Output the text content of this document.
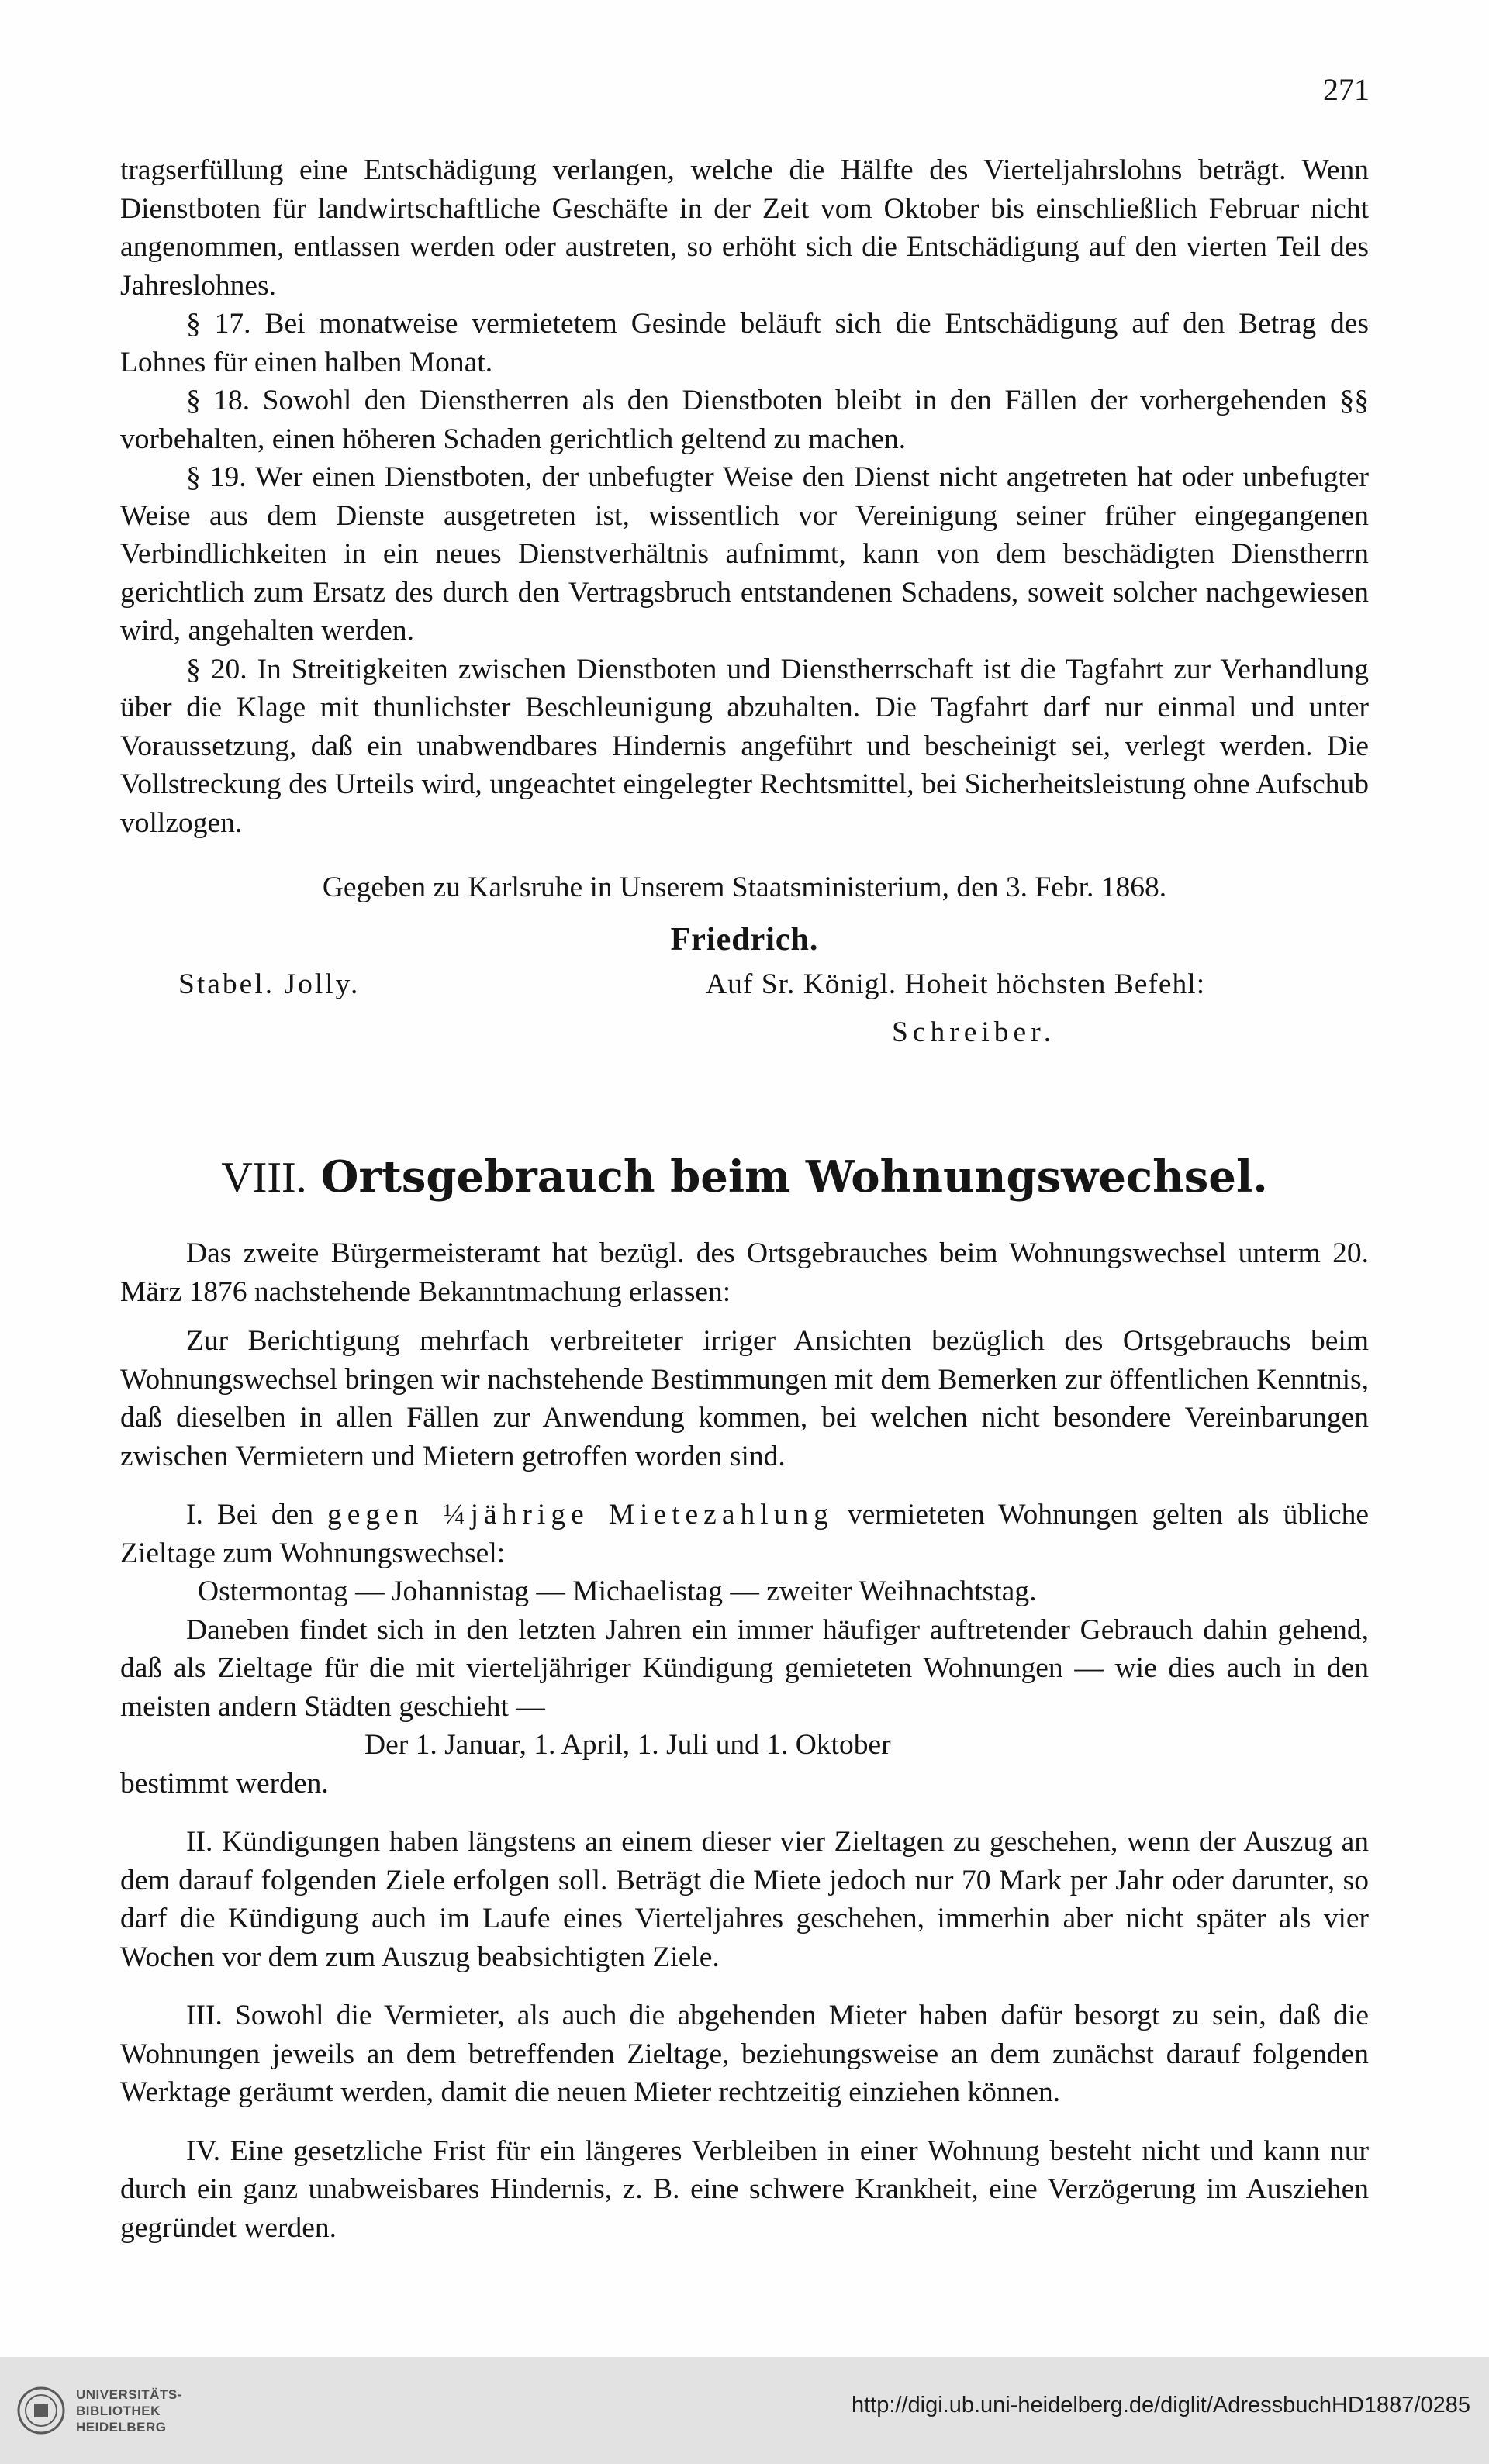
271

tragserfüllung eine Entschädigung verlangen, welche die Hälfte des Vierteljahrslohns beträgt. Wenn Dienstboten für landwirtschaftliche Geschäfte in der Zeit vom Oktober bis einschließlich Februar nicht angenommen, entlassen werden oder austreten, so erhöht sich die Entschädigung auf den vierten Teil des Jahreslohnes.

§ 17. Bei monatweise vermietetem Gesinde beläuft sich die Entschädigung auf den Betrag des Lohnes für einen halben Monat.

§ 18. Sowohl den Dienstherren als den Dienstboten bleibt in den Fällen der vorhergehenden §§ vorbehalten, einen höheren Schaden gerichtlich geltend zu machen.

§ 19. Wer einen Dienstboten, der unbefugter Weise den Dienst nicht angetreten hat oder unbefugter Weise aus dem Dienste ausgetreten ist, wissentlich vor Vereinigung seiner früher eingegangenen Verbindlichkeiten in ein neues Dienstverhältnis aufnimmt, kann von dem beschädigten Dienstherrn gerichtlich zum Ersatz des durch den Vertragsbruch entstandenen Schadens, soweit solcher nachgewiesen wird, angehalten werden.

§ 20. In Streitigkeiten zwischen Dienstboten und Dienstherrschaft ist die Tagfahrt zur Verhandlung über die Klage mit thunlichster Beschleunigung abzuhalten. Die Tagfahrt darf nur einmal und unter Voraussetzung, daß ein unabwendbares Hindernis angeführt und bescheinigt sei, verlegt werden. Die Vollstreckung des Urteils wird, ungeachtet eingelegter Rechtsmittel, bei Sicherheitsleistung ohne Aufschub vollzogen.

Gegeben zu Karlsruhe in Unserem Staatsministerium, den 3. Febr. 1868.

Friedrich.

Stabel. Jolly.	Auf Sr. Königl. Hoheit höchsten Befehl:
Schreiber.

VIII. Ortsgebrauch beim Wohnungswechsel.

Das zweite Bürgermeisteramt hat bezügl. des Ortsgebrauches beim Wohnungswechsel unterm 20. März 1876 nachstehende Bekanntmachung erlassen:

Zur Berichtigung mehrfach verbreiteter irriger Ansichten bezüglich des Ortsgebrauchs beim Wohnungswechsel bringen wir nachstehende Bestimmungen mit dem Bemerken zur öffentlichen Kenntnis, daß dieselben in allen Fällen zur Anwendung kommen, bei welchen nicht besondere Vereinbarungen zwischen Vermietern und Mietern getroffen worden sind.

I. Bei den gegen ¼jährige Mietezahlung vermieteten Wohnungen gelten als übliche Zieltage zum Wohnungswechsel:

Ostermontag — Johannistag — Michaelistag — zweiter Weihnachtstag.

Daneben findet sich in den letzten Jahren ein immer häufiger auftretender Gebrauch dahin gehend, daß als Zieltage für die mit vierteljähriger Kündigung gemieteten Wohnungen — wie dies auch in den meisten andern Städten geschieht —

Der 1. Januar, 1. April, 1. Juli und 1. Oktober

bestimmt werden.

II. Kündigungen haben längstens an einem dieser vier Zieltagen zu geschehen, wenn der Auszug an dem darauf folgenden Ziele erfolgen soll. Beträgt die Miete jedoch nur 70 Mark per Jahr oder darunter, so darf die Kündigung auch im Laufe eines Vierteljahres geschehen, immerhin aber nicht später als vier Wochen vor dem zum Auszug beabsichtigten Ziele.

III. Sowohl die Vermieter, als auch die abgehenden Mieter haben dafür besorgt zu sein, daß die Wohnungen jeweils an dem betreffenden Zieltage, beziehungsweise an dem zunächst darauf folgenden Werktage geräumt werden, damit die neuen Mieter rechtzeitig einziehen können.

IV. Eine gesetzliche Frist für ein längeres Verbleiben in einer Wohnung besteht nicht und kann nur durch ein ganz unabweisbares Hindernis, z. B. eine schwere Krankheit, eine Verzögerung im Ausziehen gegründet werden.

UNIVERSITÄTS-
BIBLIOTHEK
HEIDELBERG
http://digi.ub.uni-heidelberg.de/diglit/AdressbuchHD1887/0285
